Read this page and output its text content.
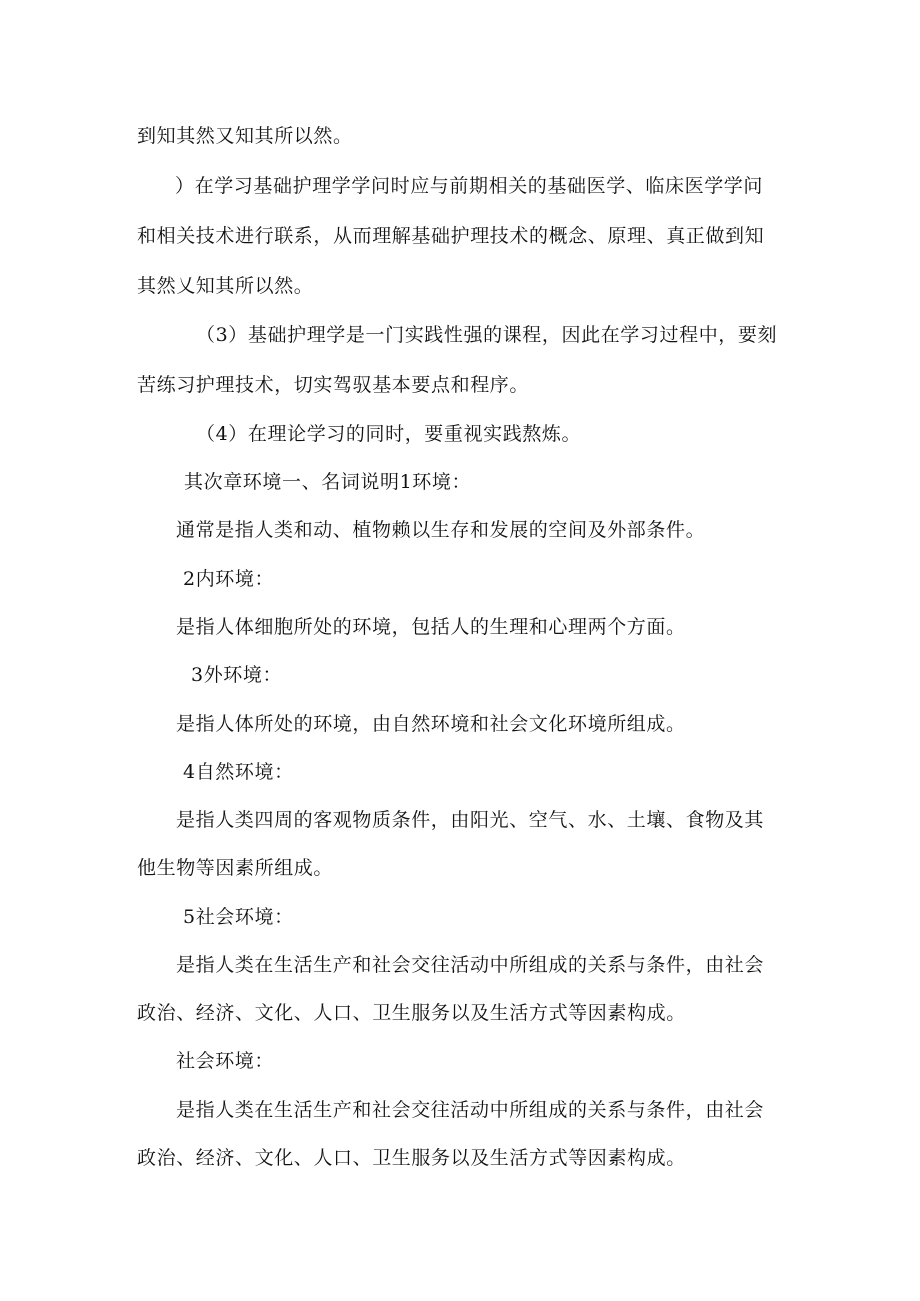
到知其然又知其所以然。
）在学习基础护理学学问时应与前期相关的基础医学、临床医学学问
和相关技术进行联系，从而理解基础护理技术的概念、原理、真正做到知
其然乂知其所以然。
（3）基础护理学是一门实践性强的课程，因此在学习过程中，要刻
苦练习护理技术，切实驾驭基本要点和程序。
（4）在理论学习的同时，要重视实践熬炼。
其次章环境一、名词说明1环境：
通常是指人类和动、植物赖以生存和发展的空间及外部条件。
2内环境：
是指人体细胞所处的环境，包括人的生理和心理两个方面。
3外环境：
是指人体所处的环境，由自然环境和社会文化环境所组成。
4自然环境：
是指人类四周的客观物质条件，由阳光、空气、水、土壤、食物及其
他生物等因素所组成。
5社会环境：
是指人类在生活生产和社会交往活动中所组成的关系与条件，由社会
政治、经济、文化、人口、卫生服务以及生活方式等因素构成。
社会环境：
是指人类在生活生产和社会交往活动中所组成的关系与条件，由社会
政治、经济、文化、人口、卫生服务以及生活方式等因素构成。
